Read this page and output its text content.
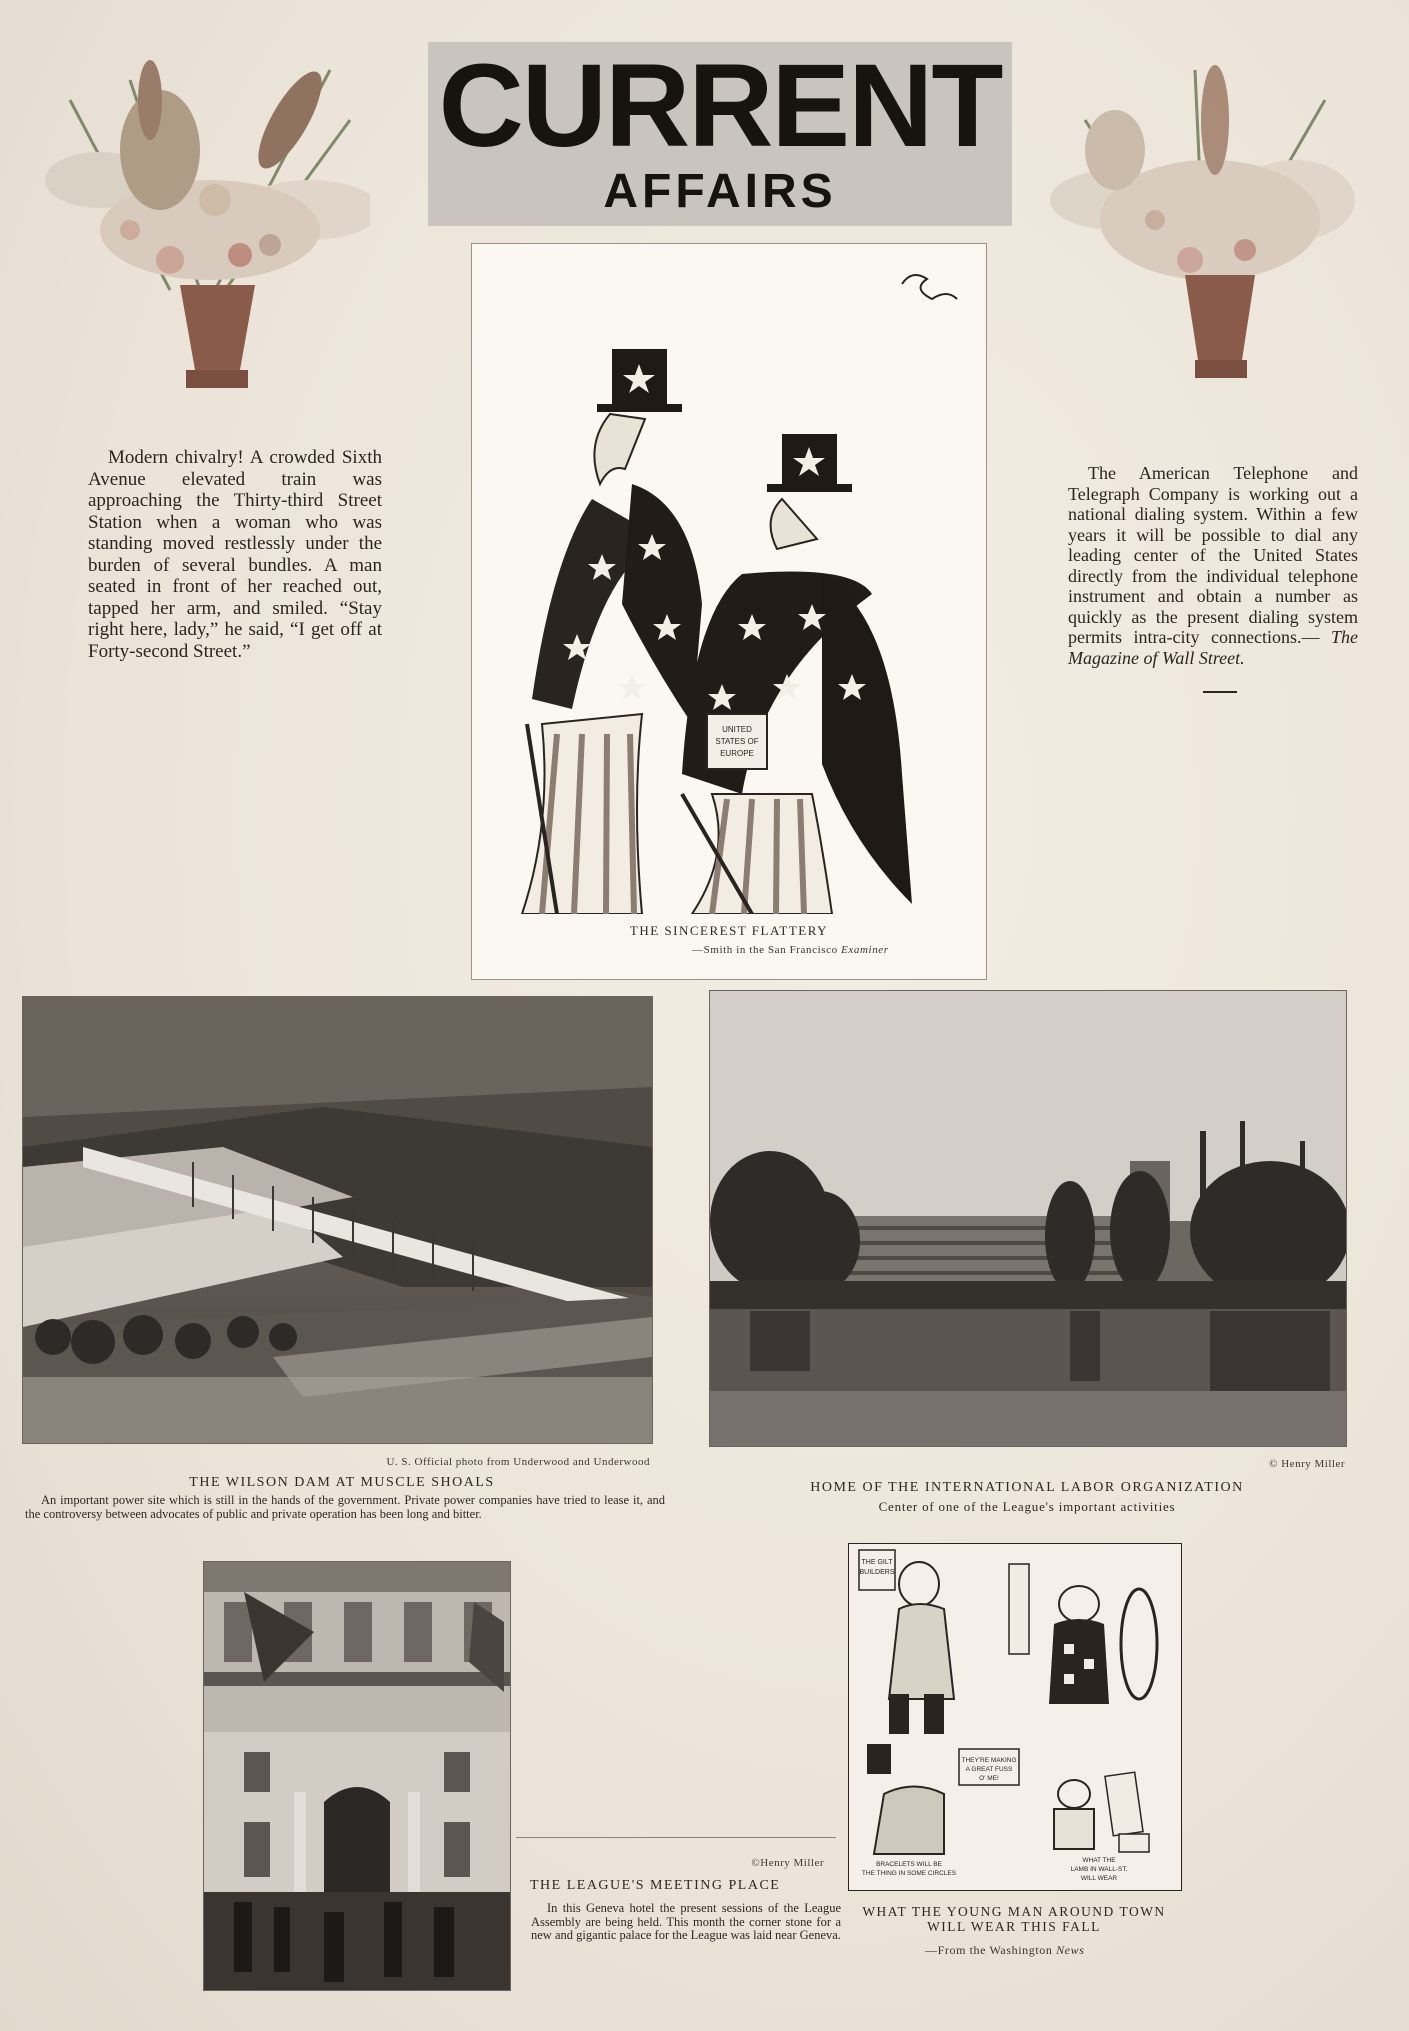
CURRENT
AFFAIRS

Modern chivalry! A crowded Sixth Avenue elevated train was approaching the Thirty-third Street Station when a woman who was standing moved restlessly under the burden of several bundles. A man seated in front of her reached out, tapped her arm, and smiled. “Stay right here, lady,” he said, “I get off at Forty-second Street.”

The American Telephone and Telegraph Company is working out a national dialing system. Within a few years it will be possible to dial any leading center of the United States directly from the individual telephone instrument and obtain a number as quickly as the present dialing system permits intra-city connections.— The Magazine of Wall Street.

UNITED
STATES OF
EUROPE
THE SINCEREST FLATTERY
—Smith in the San Francisco Examiner
U. S. Official photo from Underwood and Underwood
THE WILSON DAM AT MUSCLE SHOALS

An important power site which is still in the hands of the government. Private power companies have tried to lease it, and the controversy between advocates of public and private operation has been long and bitter.

© Henry Miller
HOME OF THE INTERNATIONAL LABOR ORGANIZATION
Center of one of the League's important activities
©Henry Miller
THE LEAGUE'S MEETING PLACE

In this Geneva hotel the present sessions of the League Assembly are being held. This month the corner stone for a new and gigantic palace for the League was laid near Geneva.

THE GILT
BUILDERS
THEY'RE MAKING
A GREAT FUSS
O' ME!
BRACELETS WILL BE
THE THING IN SOME CIRCLES
WHAT THE
LAMB IN WALL-ST.
WILL WEAR
WHAT THE YOUNG MAN AROUND TOWN WILL WEAR THIS FALL
—From the Washington News
